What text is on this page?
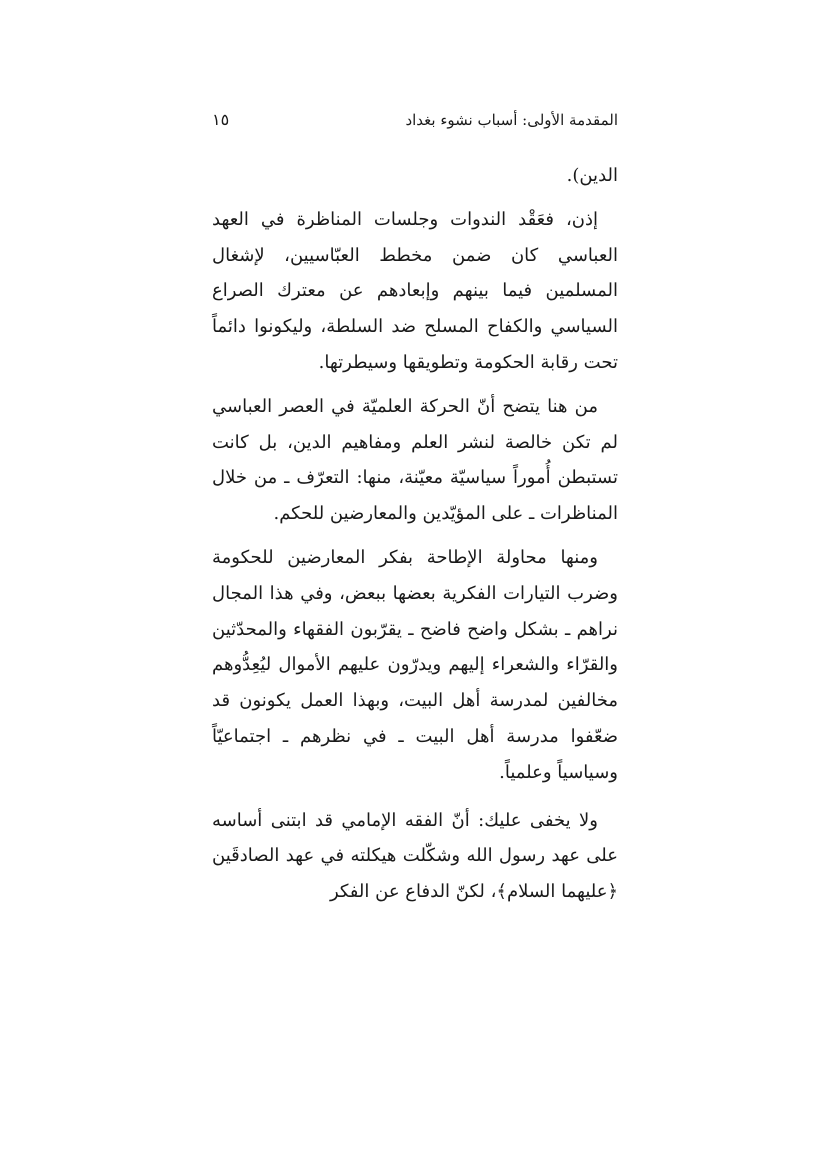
المقدمة الأولى: أسباب نشوء بغداد
١٥

الدين).

إذن، فعَقْد الندوات وجلسات المناظرة في العهد العباسي كان ضمن مخطط العبّاسيين، لإشغال المسلمين فيما بينهم وإبعادهم عن معترك الصراع السياسي والكفاح المسلح ضد السلطة، وليكونوا دائماً تحت رقابة الحكومة وتطويقها وسيطرتها.

من هنا يتضح أنّ الحركة العلميّة في العصر العباسي لم تكن خالصة لنشر العلم ومفاهيم الدين، بل كانت تستبطن أُموراً سياسيّة معيّنة، منها: التعرّف ـ من خلال المناظرات ـ على المؤيّدين والمعارضين للحكم.

ومنها محاولة الإطاحة بفكر المعارضين للحكومة وضرب التيارات الفكرية بعضها ببعض، وفي هذا المجال نراهم ـ بشكل واضح فاضح ـ يقرّبون الفقهاء والمحدّثين والقرّاء والشعراء إليهم ويدرّون عليهم الأموال ليُعِدُّوهم مخالفين لمدرسة أهل البيت، وبهذا العمل يكونون قد ضعّفوا مدرسة أهل البيت ـ في نظرهم ـ اجتماعيّاً وسياسياً وعلمياً.

ولا يخفى عليك: أنّ الفقه الإمامي قد ابتنى أساسه على عهد رسول الله وشكّلت هيكلته في عهد الصادقَين ﴿عليهما السلام﴾، لكنّ الدفاع عن الفكر
